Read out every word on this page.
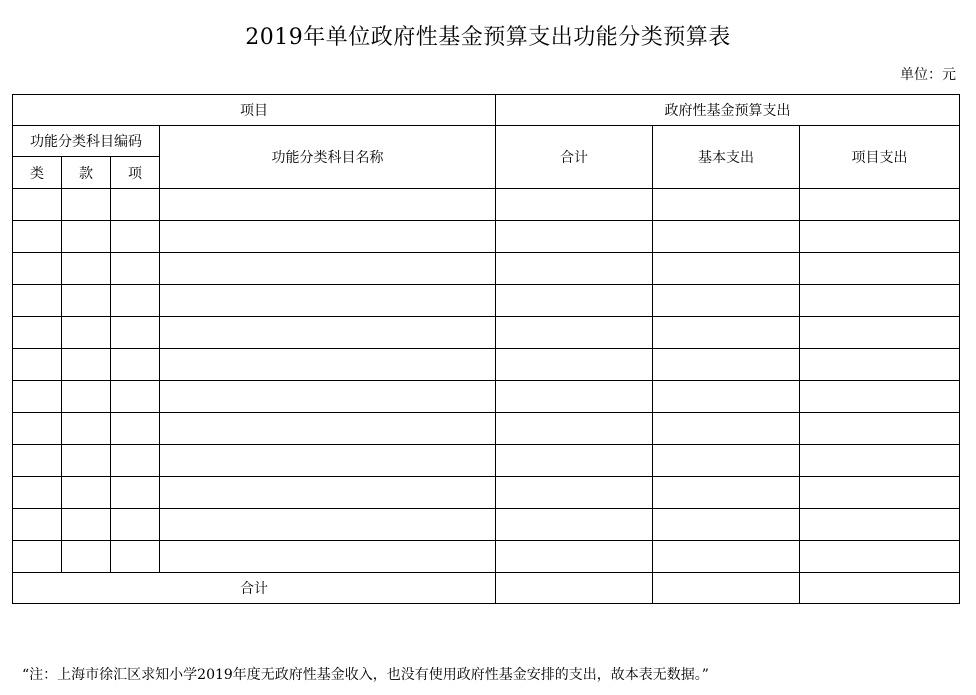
2019年单位政府性基金预算支出功能分类预算表
单位：元
项目				政府性基金预算支出		
功能分类科目编码			功能分类科目名称	合计	基本支出	项目支出
类	款	项				

合计						
“注：上海市徐汇区求知小学2019年度无政府性基金收入，也没有使用政府性基金安排的支出，故本表无数据。”
